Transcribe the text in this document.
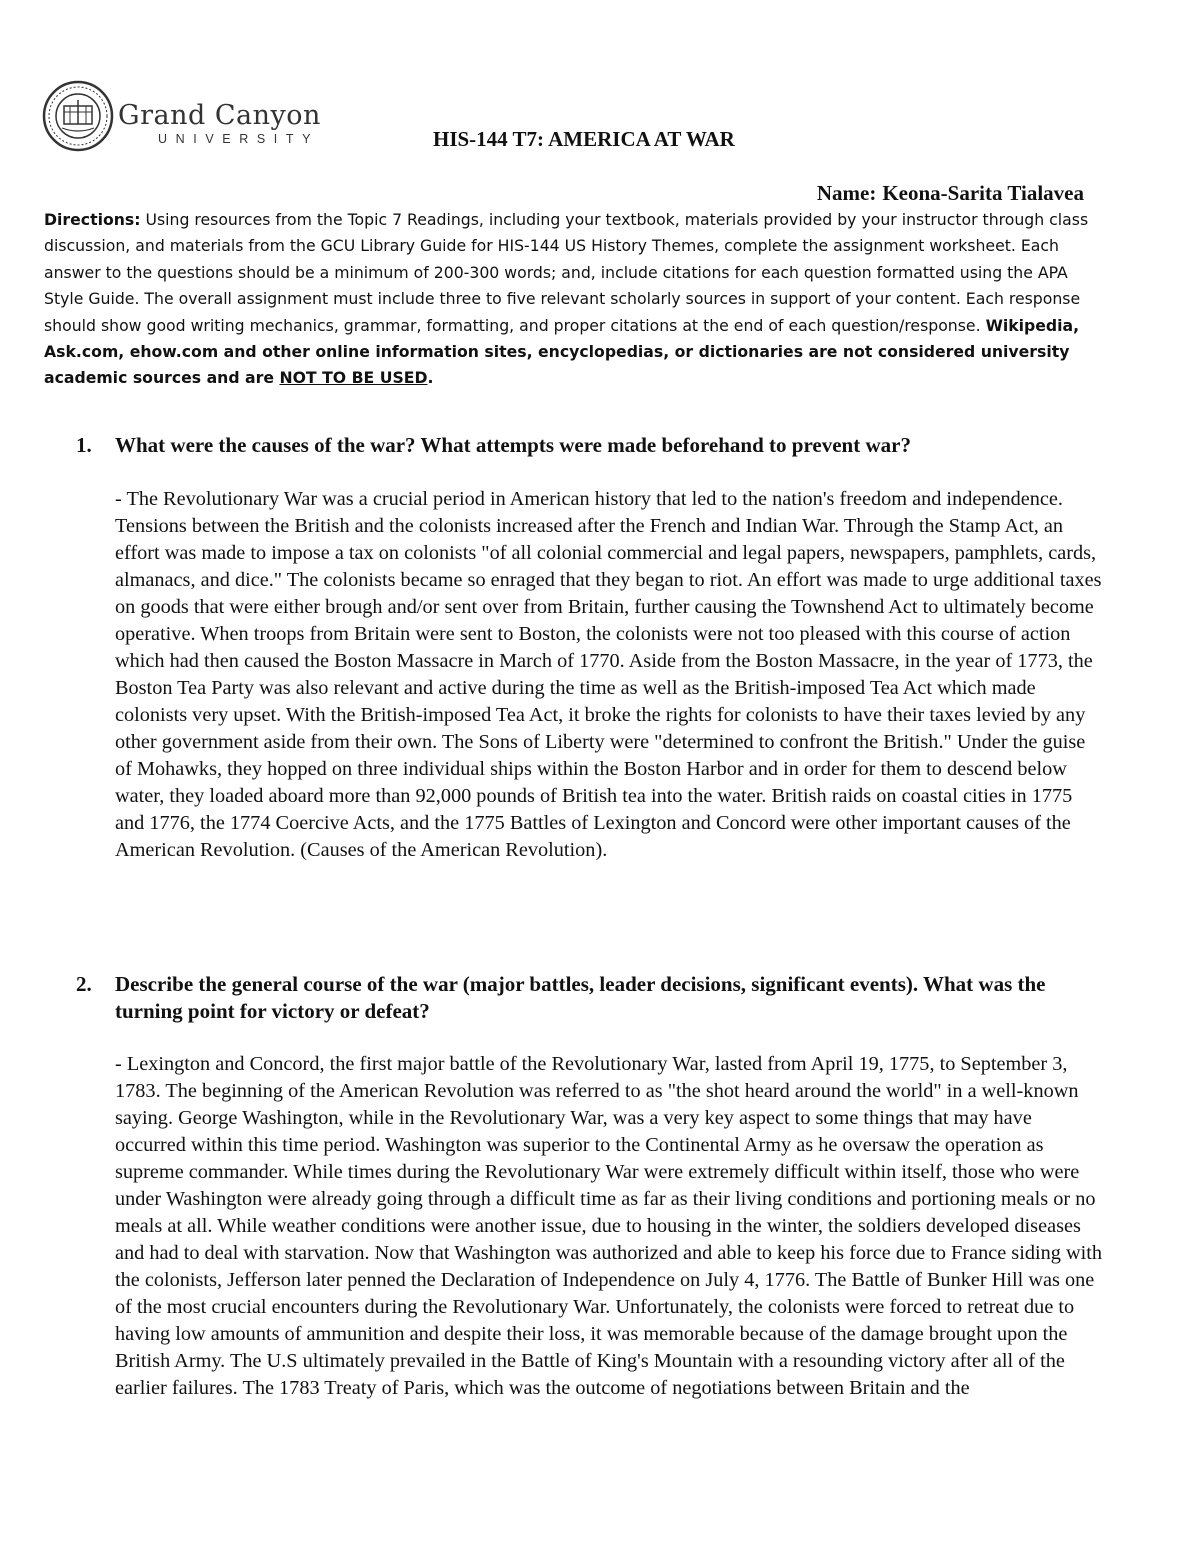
Grand Canyon
UNIVERSITY	HIS-144 T7: AMERICA AT WAR
Name: Keona-Sarita Tialavea

Directions: Using resources from the Topic 7 Readings, including your textbook, materials provided by your instructor through class discussion, and materials from the GCU Library Guide for HIS-144 US History Themes, complete the assignment worksheet. Each answer to the questions should be a minimum of 200-300 words; and, include citations for each question formatted using the APA Style Guide. The overall assignment must include three to five relevant scholarly sources in support of your content. Each response should show good writing mechanics, grammar, formatting, and proper citations at the end of each question/response. Wikipedia, Ask.com, ehow.com and other online information sites, encyclopedias, or dictionaries are not considered university academic sources and are NOT TO BE USED.

1. What were the causes of the war? What attempts were made beforehand to prevent war?

- The Revolutionary War was a crucial period in American history that led to the nation's freedom and independence. Tensions between the British and the colonists increased after the French and Indian War. Through the Stamp Act, an effort was made to impose a tax on colonists "of all colonial commercial and legal papers, newspapers, pamphlets, cards, almanacs, and dice." The colonists became so enraged that they began to riot. An effort was made to urge additional taxes on goods that were either brough and/or sent over from Britain, further causing the Townshend Act to ultimately become operative. When troops from Britain were sent to Boston, the colonists were not too pleased with this course of action which had then caused the Boston Massacre in March of 1770. Aside from the Boston Massacre, in the year of 1773, the Boston Tea Party was also relevant and active during the time as well as the British-imposed Tea Act which made colonists very upset. With the British-imposed Tea Act, it broke the rights for colonists to have their taxes levied by any other government aside from their own. The Sons of Liberty were "determined to confront the British." Under the guise of Mohawks, they hopped on three individual ships within the Boston Harbor and in order for them to descend below water, they loaded aboard more than 92,000 pounds of British tea into the water. British raids on coastal cities in 1775 and 1776, the 1774 Coercive Acts, and the 1775 Battles of Lexington and Concord were other important causes of the American Revolution. (Causes of the American Revolution).

2. Describe the general course of the war (major battles, leader decisions, significant events). What was the turning point for victory or defeat?

- Lexington and Concord, the first major battle of the Revolutionary War, lasted from April 19, 1775, to September 3, 1783. The beginning of the American Revolution was referred to as "the shot heard around the world" in a well-known saying. George Washington, while in the Revolutionary War, was a very key aspect to some things that may have occurred within this time period. Washington was superior to the Continental Army as he oversaw the operation as supreme commander. While times during the Revolutionary War were extremely difficult within itself, those who were under Washington were already going through a difficult time as far as their living conditions and portioning meals or no meals at all. While weather conditions were another issue, due to housing in the winter, the soldiers developed diseases and had to deal with starvation. Now that Washington was authorized and able to keep his force due to France siding with the colonists, Jefferson later penned the Declaration of Independence on July 4, 1776. The Battle of Bunker Hill was one of the most crucial encounters during the Revolutionary War. Unfortunately, the colonists were forced to retreat due to having low amounts of ammunition and despite their loss, it was memorable because of the damage brought upon the British Army. The U.S ultimately prevailed in the Battle of King's Mountain with a resounding victory after all of the earlier failures. The 1783 Treaty of Paris, which was the outcome of negotiations between Britain and the
